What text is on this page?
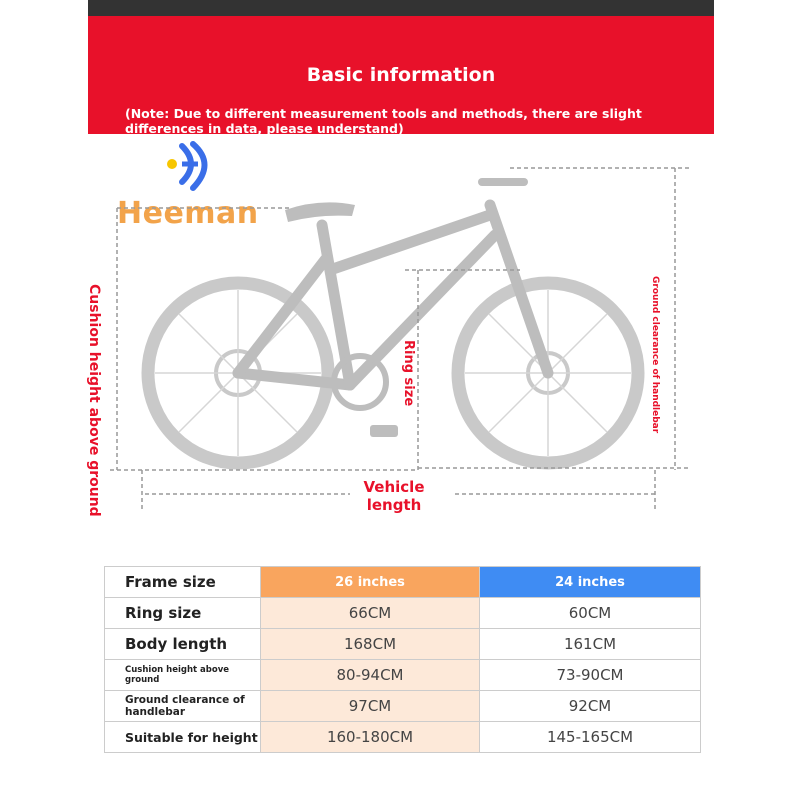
Basic information
(Note: Due to different measurement tools and methods, there are slight differences in data, please understand)
Heeman
Cushion height above ground	Ring size	Ground clearance of handlebar
Vehicle length
Frame size	26 inches	24 inches
Ring size	66CM	60CM
Body length	168CM	161CM
Cushion height above ground	80-94CM	73-90CM
Ground clearance of handlebar	97CM	92CM
Suitable for height	160-180CM	145-165CM
